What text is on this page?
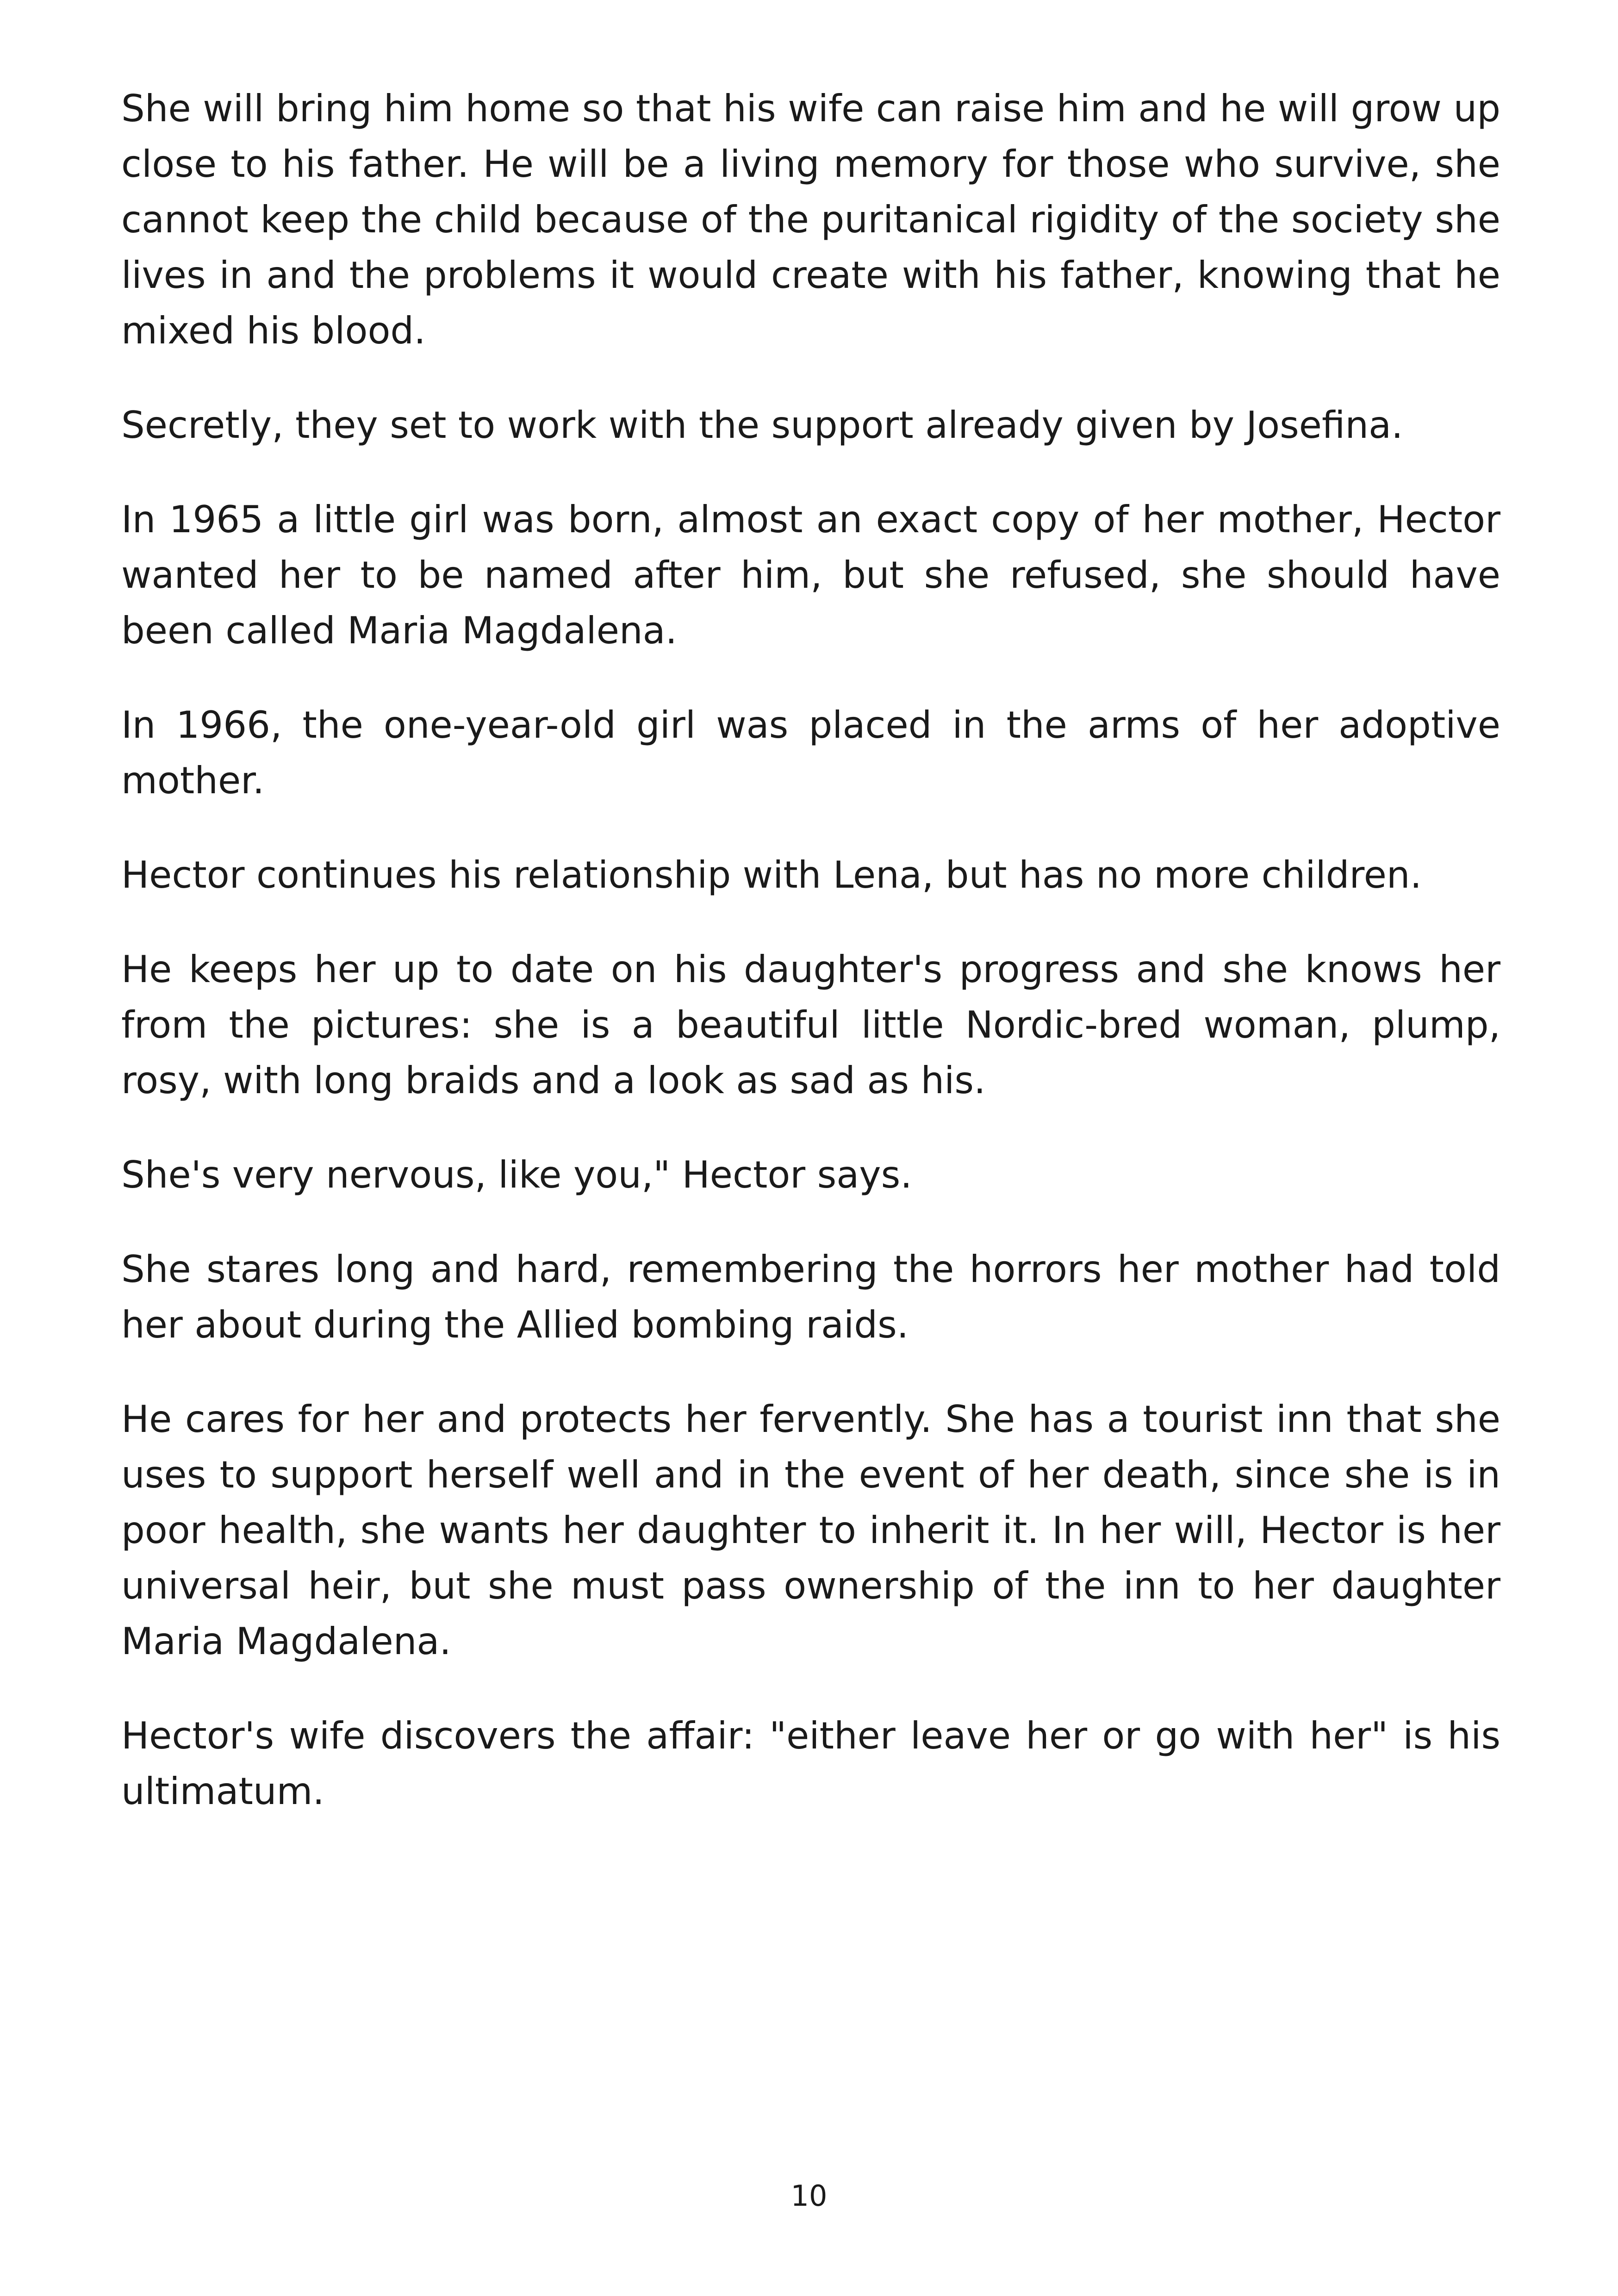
She will bring him home so that his wife can raise him and he will grow up close to his father. He will be a living memory for those who survive, she cannot keep the child because of the puritanical rigidity of the society she lives in and the problems it would create with his father, knowing that he mixed his blood.

Secretly, they set to work with the support already given by Josefina.

In 1965 a little girl was born, almost an exact copy of her mother, Hector wanted her to be named after him, but she refused, she should have been called Maria Magdalena.

In 1966, the one-year-old girl was placed in the arms of her adoptive mother.

Hector continues his relationship with Lena, but has no more children.

He keeps her up to date on his daughter's progress and she knows her from the pictures: she is a beautiful little Nordic-bred woman, plump, rosy, with long braids and a look as sad as his.

She's very nervous, like you," Hector says.

She stares long and hard, remembering the horrors her mother had told her about during the Allied bombing raids.

He cares for her and protects her fervently. She has a tourist inn that she uses to support herself well and in the event of her death, since she is in poor health, she wants her daughter to inherit it. In her will, Hector is her universal heir, but she must pass ownership of the inn to her daughter Maria Magdalena.

Hector's wife discovers the affair: "either leave her or go with her" is his ultimatum.

10
